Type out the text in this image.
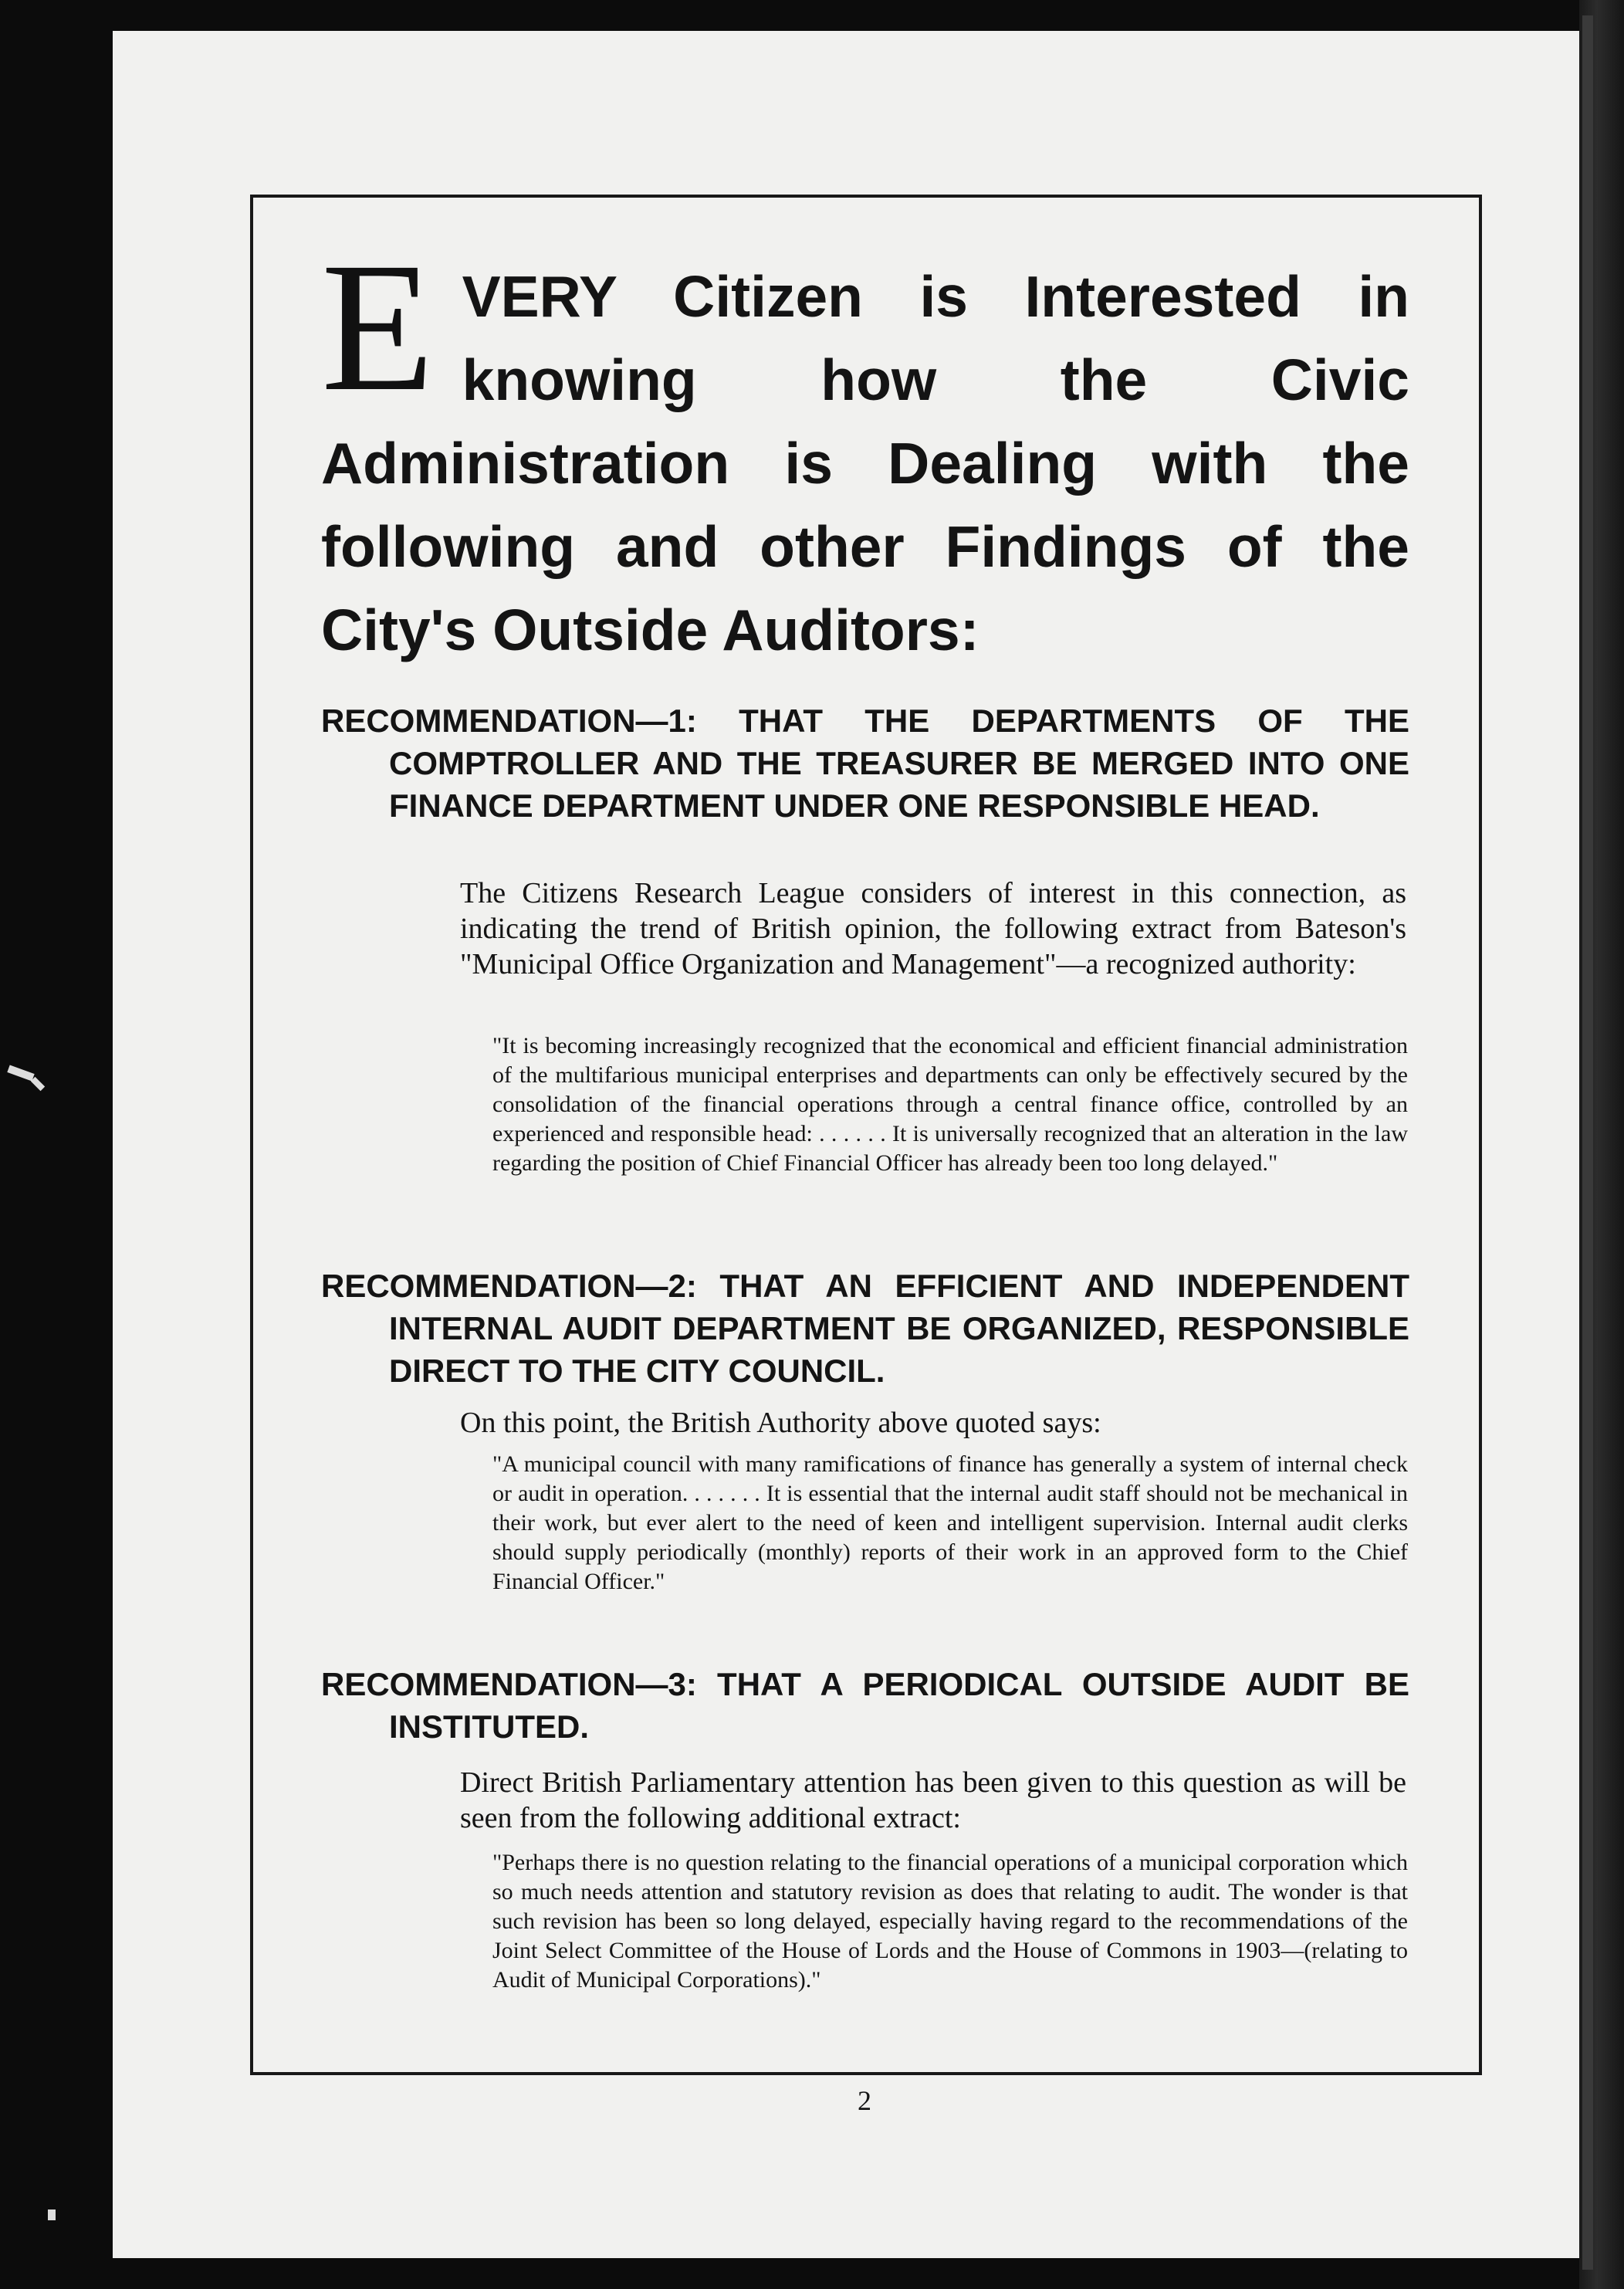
EVERY Citizen is Interested in knowing how the Civic Administration is Dealing with the following and other Findings of the City's Outside Auditors:
RECOMMENDATION—1: THAT THE DEPARTMENTS OF THE COMPTROLLER AND THE TREASURER BE MERGED INTO ONE FINANCE DEPARTMENT UNDER ONE RESPONSIBLE HEAD.
The Citizens Research League considers of interest in this connection, as indicating the trend of British opinion, the following extract from Bateson's "Municipal Office Organization and Management"—a recognized authority:
"It is becoming increasingly recognized that the economical and efficient financial administration of the multifarious municipal enterprises and departments can only be effectively secured by the consolidation of the financial operations through a central finance office, controlled by an experienced and responsible head: . . . . . . It is universally recognized that an alteration in the law regarding the position of Chief Financial Officer has already been too long delayed."
RECOMMENDATION—2: THAT AN EFFICIENT AND INDEPENDENT INTERNAL AUDIT DEPARTMENT BE ORGANIZED, RESPONSIBLE DIRECT TO THE CITY COUNCIL.
On this point, the British Authority above quoted says:
"A municipal council with many ramifications of finance has generally a system of internal check or audit in operation. . . . . . . It is essential that the internal audit staff should not be mechanical in their work, but ever alert to the need of keen and intelligent supervision. Internal audit clerks should supply periodically (monthly) reports of their work in an approved form to the Chief Financial Officer."
RECOMMENDATION—3: THAT A PERIODICAL OUTSIDE AUDIT BE INSTITUTED.
Direct British Parliamentary attention has been given to this question as will be seen from the following additional extract:
"Perhaps there is no question relating to the financial operations of a municipal corporation which so much needs attention and statutory revision as does that relating to audit. The wonder is that such revision has been so long delayed, especially having regard to the recommendations of the Joint Select Committee of the House of Lords and the House of Commons in 1903—(relating to Audit of Municipal Corporations)."
2
